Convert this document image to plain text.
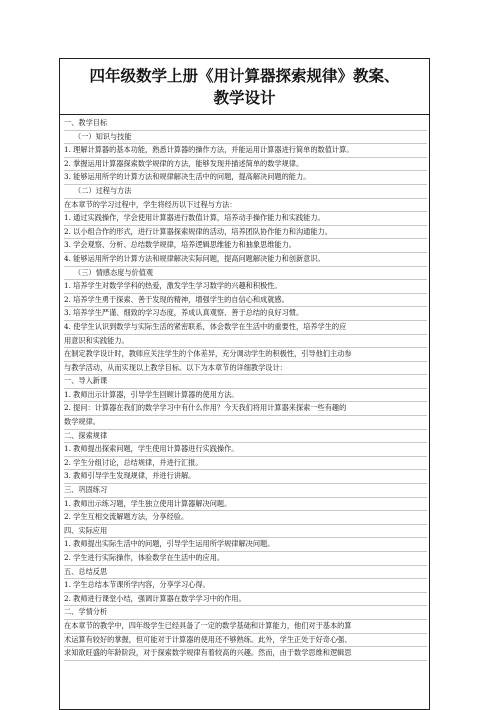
四年级数学上册《用计算器探索规律》教案、
教学设计
一、教学目标
（一）知识与技能
1. 理解计算器的基本功能，熟悉计算器的操作方法，并能运用计算器进行简单的数值计算。
2. 掌握运用计算器探索数学规律的方法，能够发现并描述简单的数学规律。
3. 能够运用所学的计算方法和规律解决生活中的问题，提高解决问题的能力。
（二）过程与方法
在本章节的学习过程中，学生将经历以下过程与方法：
1. 通过实践操作，学会使用计算器进行数值计算，培养动手操作能力和实践能力。
2. 以小组合作的形式，进行计算器探索规律的活动，培养团队协作能力和沟通能力。
3. 学会观察、分析、总结数学规律，培养逻辑思维能力和抽象思维能力。
4. 能够运用所学的计算方法和规律解决实际问题，提高问题解决能力和创新意识。
（三）情感态度与价值观
1. 培养学生对数学学科的热爱，激发学生学习数学的兴趣和积极性。
2. 培养学生勇于探索、善于发现的精神，增强学生的自信心和成就感。
3. 培养学生严谨、细致的学习态度，养成认真观察、善于总结的良好习惯。
4. 使学生认识到数学与实际生活的紧密联系，体会数学在生活中的重要性，培养学生的应
用意识和实践能力。
在制定教学设计时，教师应关注学生的个体差异，充分调动学生的积极性，引导他们主动参
与教学活动，从而实现以上教学目标。以下为本章节的详细教学设计：
一、导入新课
1. 教师出示计算器，引导学生回顾计算器的使用方法。
2. 提问：计算器在我们的数学学习中有什么作用？今天我们将用计算器来探索一些有趣的
数学规律。
二、探索规律
1. 教师提出探索问题，学生使用计算器进行实践操作。
2. 学生分组讨论，总结规律，并进行汇报。
3. 教师引导学生发现规律，并进行讲解。
三、巩固练习
1. 教师出示练习题，学生独立使用计算器解决问题。
2. 学生互相交流解题方法，分享经验。
四、实际应用
1. 教师提出实际生活中的问题，引导学生运用所学规律解决问题。
2. 学生进行实际操作，体验数学在生活中的应用。
五、总结反思
1. 学生总结本节课所学内容，分享学习心得。
2. 教师进行课堂小结，强调计算器在数学学习中的作用。
二、学情分析
在本章节的教学中，四年级学生已经具备了一定的数学基础和计算能力，他们对于基本的算
术运算有较好的掌握，但可能对于计算器的使用还不够熟练。此外，学生正处于好奇心强、
求知欲旺盛的年龄阶段，对于探索数学规律有着较高的兴趣。然而，由于数学思维和逻辑思
